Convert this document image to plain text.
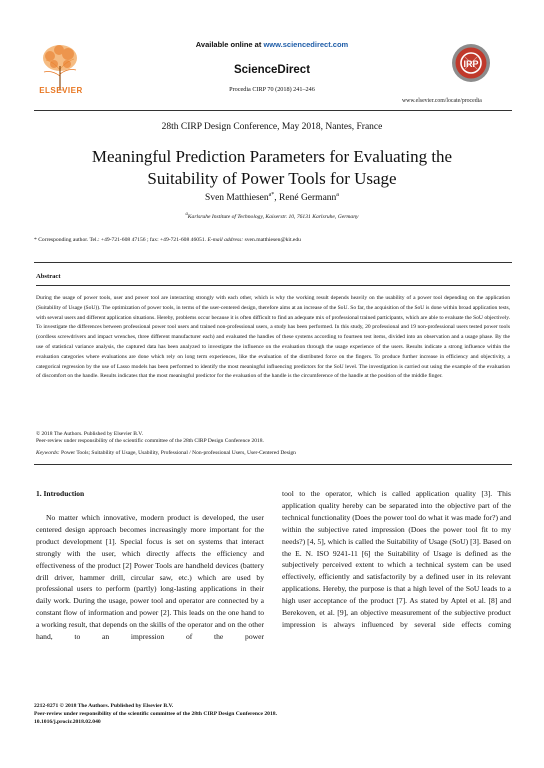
ELSEVIER
Available online at www.sciencedirect.com
ScienceDirect
Procedia CIRP 70 (2018) 241–246
IRP
www.elsevier.com/locate/procedia
28th CIRP Design Conference, May 2018, Nantes, France
Meaningful Prediction Parameters for Evaluating the
Suitability of Power Tools for Usage
Sven Matthiesen$^{a*}$, René Germann$^a$
$^a$Karlsruhe Institute of Technology, Kaiserstr. 10, 76131 Karlsruhe, Germany
* Corresponding author. Tel.: +49-721-608 47156 ; fax: +49-721-608 46051. E-mail address: sven.matthiesen@kit.edu
Abstract
During the usage of power tools, user and power tool are interacting strongly with each other, which is why the working result depends heavily on the usability of a power tool depending on the application (Suitability of Usage (SoU)). The optimization of power tools, in terms of the user-centered design, therefore aims at an increase of the SoU. So far, the acquisition of the SoU is done within broad application tests, with several users and different application situations. Hereby, problems occur because it is often difficult to find an adequate mix of professional trained participants, which are able to evaluate the SoU objectively. To investigate the differences between professional power tool users and trained non-professional users, a study has been performed. In this study, 20 professional and 19 non-professional users tested power tools (cordless screwdrivers and impact wrenches, three different manufacturer each) and evaluated the handles of these systems according to fourteen test items, divided into an observation and a usage phase. By the use of statistical variance analysis, the captured data has been analyzed to investigate the influence on the evaluation through the usage experience of the users. Results indicate a strong influence within the evaluation categories where evaluations are done which rely on long term experiences, like the evaluation of the distributed force on the fingers. To produce further increase in efficiency and objectivity, a categorical regression by the use of Lasso models has been performed to identify the most meaningful influencing predictors for the SoU level. The investigation is carried out using the example of the evaluation of discomfort on the handle. Results indicates that the most meaningful predictor for the evaluation of the handle is the circumference of the handle at the position of the middle finger.
© 2018 The Authors. Published by Elsevier B.V.
Peer-review under responsibility of the scientific committee of the 28th CIRP Design Conference 2018.
Keywords: Power Tools; Suitability of Usage, Usability, Professional / Non-professional Users, User-Centered Design
1. Introduction

No matter which innovative, modern product is developed, the user centered design approach becomes increasingly more important for the product development [1]. Special focus is set on systems that interact strongly with the user, which directly affects the efficiency and effectiveness of the product [2] Power Tools are handheld devices (battery drill driver, hammer drill, circular saw, etc.) which are used by professional users to perform (partly) long-lasting applications in their daily work. During the usage, power tool and operator are connected by a constant flow of information and power [2]. This leads on the one hand to a working result, that depends on the skills of the operator and on the other hand, to an impression of the power

tool to the operator, which is called application quality [3]. This application quality hereby can be separated into the objective part of the technical functionality (Does the power tool do what it was made for?) and within the subjective rated impression (Does the power tool fit to my needs?) [4, 5], which is called the Suitability of Usage (SoU) [3]. Based on the E. N. ISO 9241-11 [6] the Suitability of Usage is defined as the subjectively perceived extent to which a technical system can be used effectively, efficiently and satisfactorily by a defined user in its relevant applications. Hereby, the purpose is that a high level of the SoU leads to a high user acceptance of the product [7]. As stated by Aptel et al. [8] and Berekoven, et al. [9], an objective measurement of the subjective product impression is always influenced by several side effects coming

2212-8271 © 2018 The Authors. Published by Elsevier B.V.
Peer-review under responsibility of the scientific committee of the 28th CIRP Design Conference 2018.
10.1016/j.procir.2018.02.040
